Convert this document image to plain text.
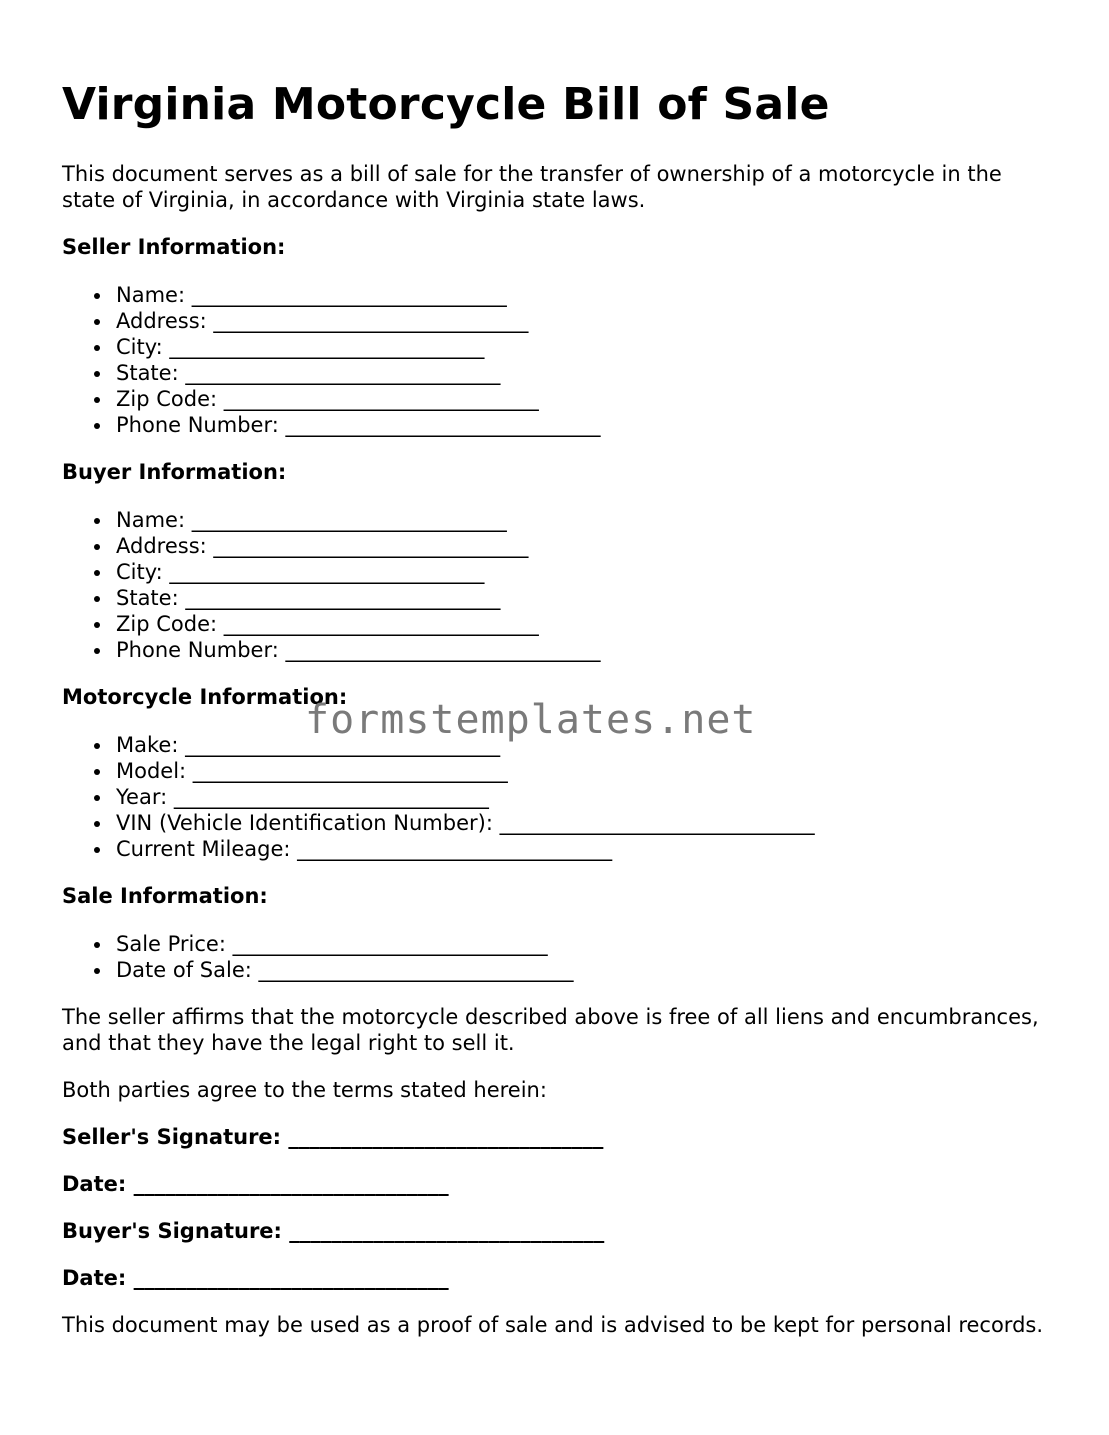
Virginia Motorcycle Bill of Sale

This document serves as a bill of sale for the transfer of ownership of a motorcycle in the state of Virginia, in accordance with Virginia state laws.

Seller Information:
Name: ______________________________
Address: ______________________________
City: ______________________________
State: ______________________________
Zip Code: ______________________________
Phone Number: ______________________________
Buyer Information:
Name: ______________________________
Address: ______________________________
City: ______________________________
State: ______________________________
Zip Code: ______________________________
Phone Number: ______________________________
Motorcycle Information:
Make: ______________________________
Model: ______________________________
Year: ______________________________
VIN (Vehicle Identification Number): ______________________________
Current Mileage: ______________________________
Sale Information:
Sale Price: ______________________________
Date of Sale: ______________________________

The seller affirms that the motorcycle described above is free of all liens and encumbrances, and that they have the legal right to sell it.

Both parties agree to the terms stated herein:

Seller's Signature: ______________________________
Date: ______________________________
Buyer's Signature: ______________________________
Date: ______________________________

This document may be used as a proof of sale and is advised to be kept for personal records.

formstemplates.net
